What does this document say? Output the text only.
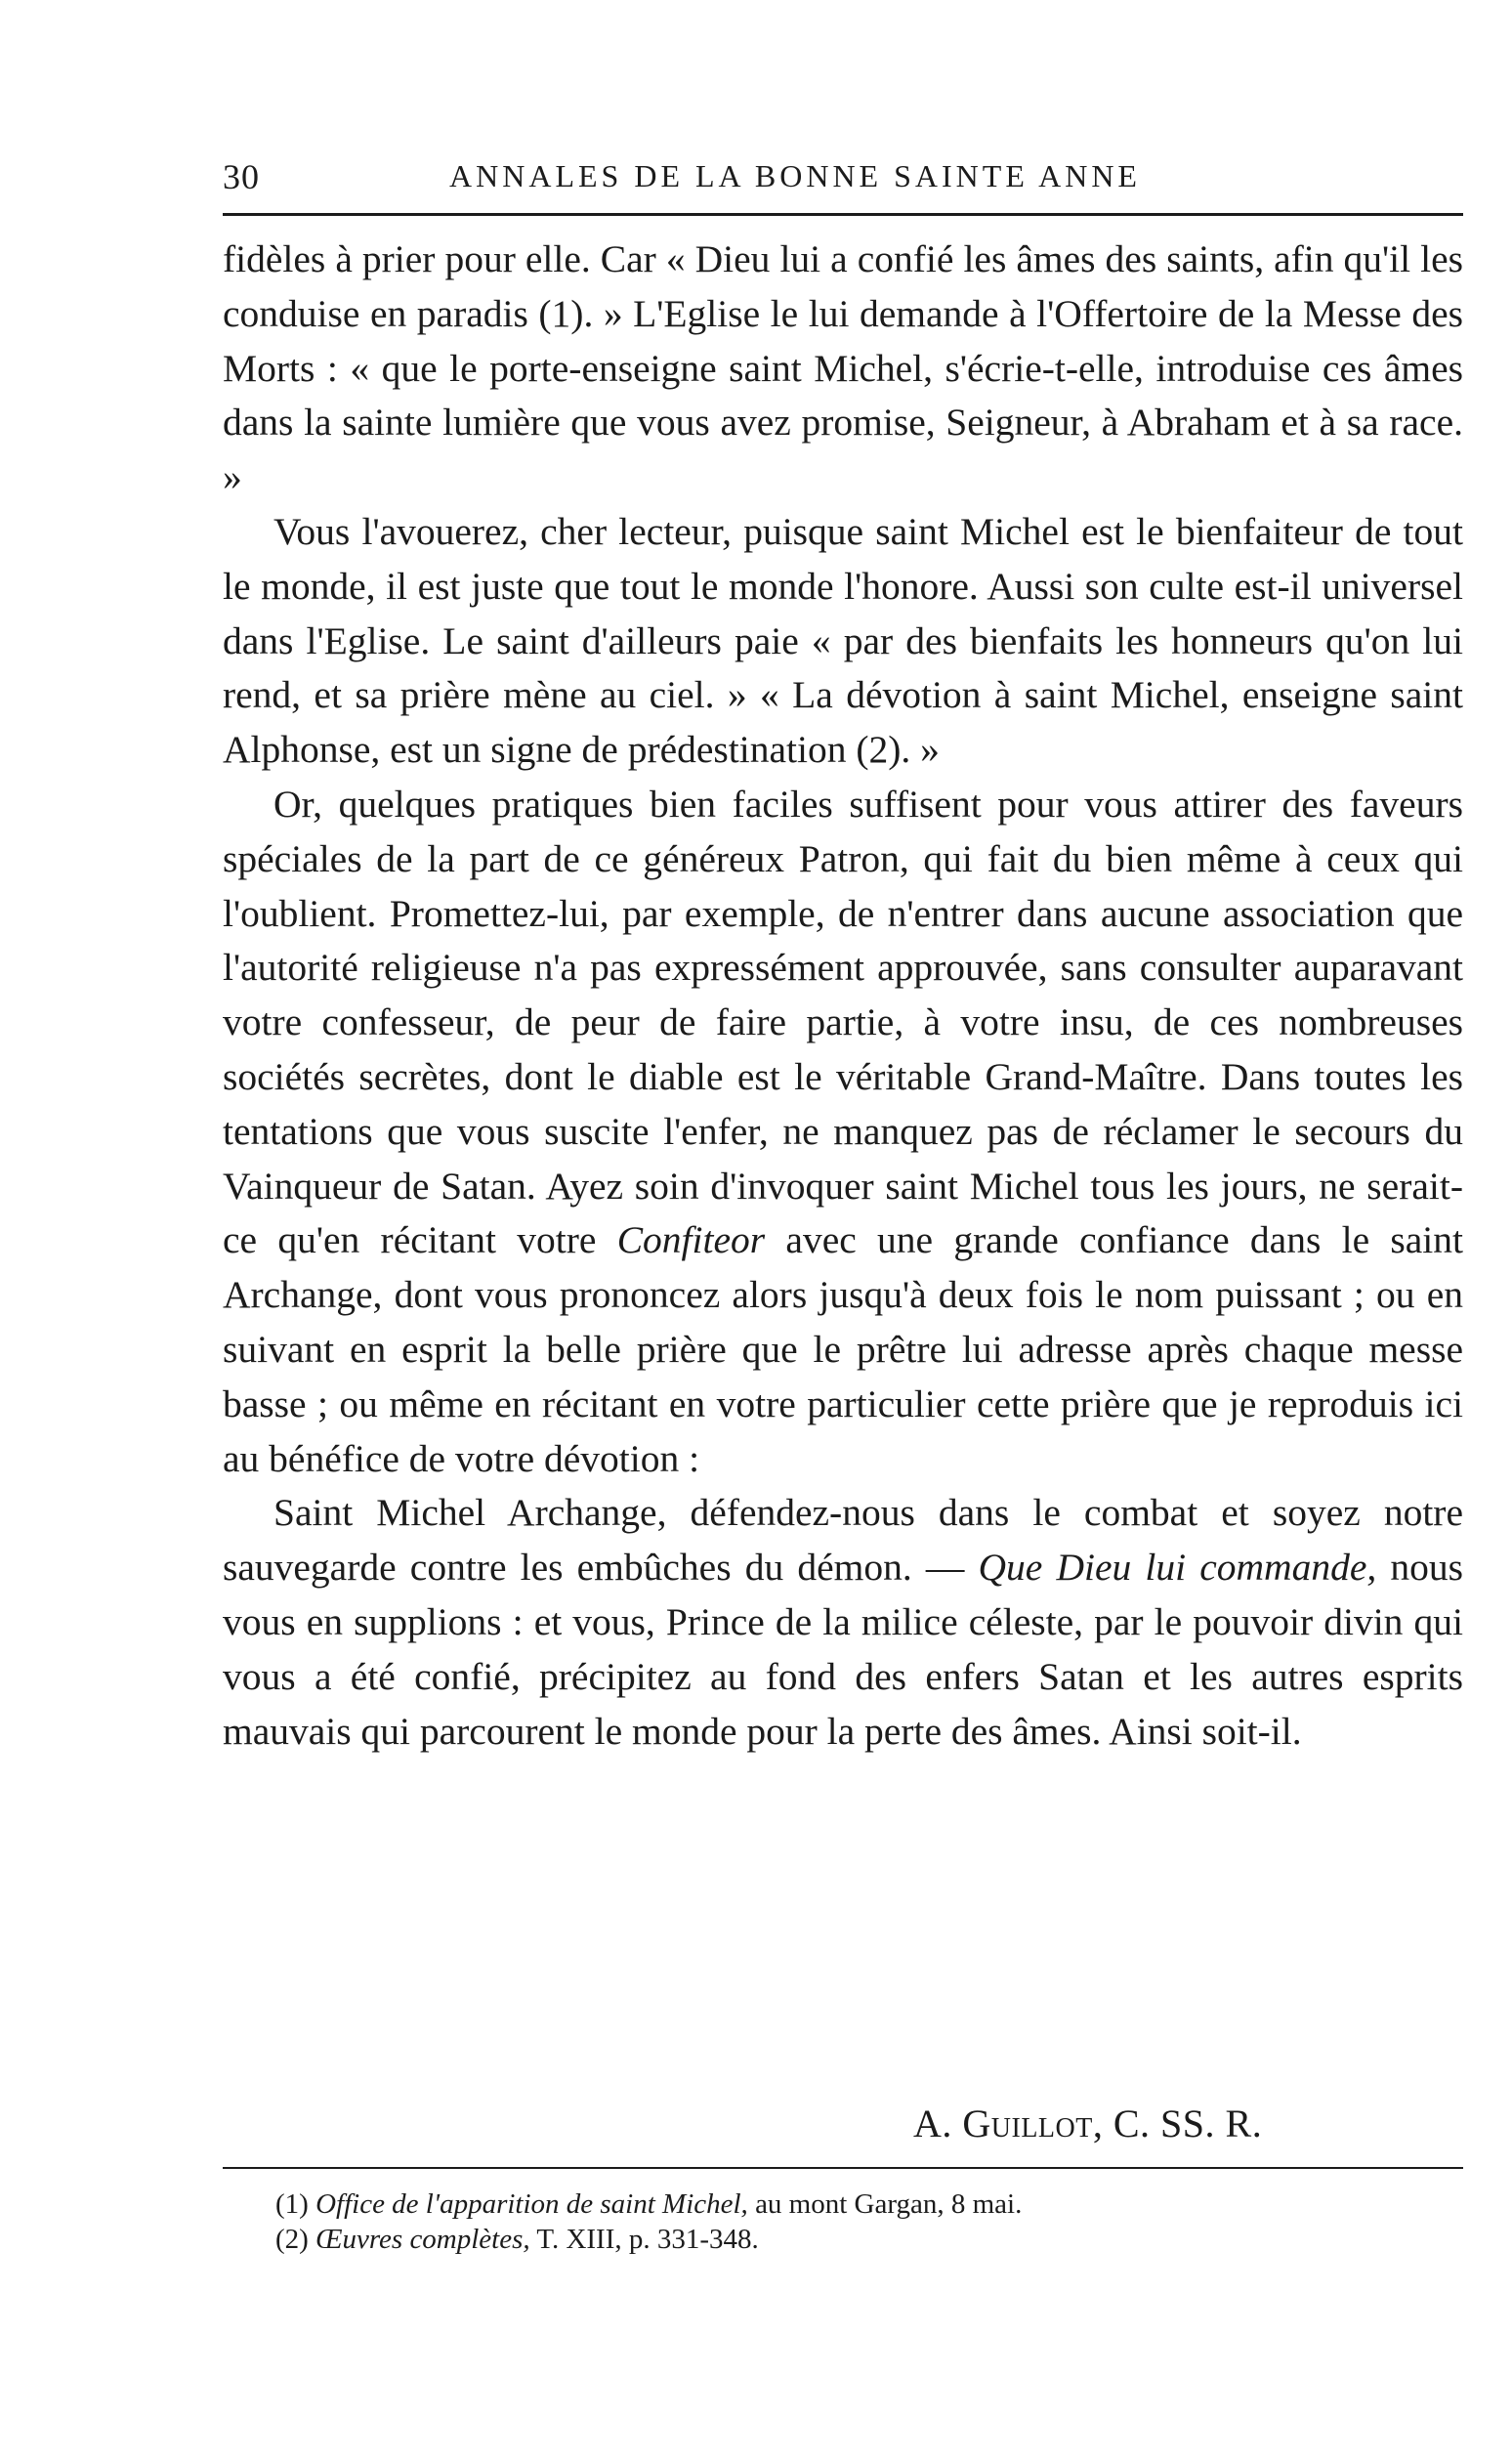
30	ANNALES DE LA BONNE SAINTE ANNE

fidèles à prier pour elle. Car « Dieu lui a confié les âmes des saints, afin qu'il les conduise en paradis (1). » L'Eglise le lui demande à l'Offertoire de la Messe des Morts : « que le porte-enseigne saint Michel, s'écrie-t-elle, introduise ces âmes dans la sainte lumière que vous avez promise, Seigneur, à Abraham et à sa race. »

Vous l'avouerez, cher lecteur, puisque saint Michel est le bienfaiteur de tout le monde, il est juste que tout le monde l'honore. Aussi son culte est-il universel dans l'Eglise. Le saint d'ailleurs paie « par des bienfaits les honneurs qu'on lui rend, et sa prière mène au ciel. » « La dévotion à saint Michel, enseigne saint Alphonse, est un signe de prédestination (2). »

Or, quelques pratiques bien faciles suffisent pour vous attirer des faveurs spéciales de la part de ce généreux Patron, qui fait du bien même à ceux qui l'oublient. Promettez-lui, par exemple, de n'entrer dans aucune association que l'autorité religieuse n'a pas expressément approuvée, sans consulter auparavant votre confesseur, de peur de faire partie, à votre insu, de ces nombreuses sociétés secrètes, dont le diable est le véritable Grand-Maître. Dans toutes les tentations que vous suscite l'enfer, ne manquez pas de réclamer le secours du Vainqueur de Satan. Ayez soin d'invoquer saint Michel tous les jours, ne serait-ce qu'en récitant votre Confiteor avec une grande confiance dans le saint Archange, dont vous prononcez alors jusqu'à deux fois le nom puissant ; ou en suivant en esprit la belle prière que le prêtre lui adresse après chaque messe basse ; ou même en récitant en votre particulier cette prière que je reproduis ici au bénéfice de votre dévotion :

Saint Michel Archange, défendez-nous dans le combat et soyez notre sauvegarde contre les embûches du démon. — Que Dieu lui commande, nous vous en supplions : et vous, Prince de la milice céleste, par le pouvoir divin qui vous a été confié, précipitez au fond des enfers Satan et les autres esprits mauvais qui parcourent le monde pour la perte des âmes. Ainsi soit-il.

A. Guillot, C. SS. R.

(1) Office de l'apparition de saint Michel, au mont Gargan, 8 mai.

(2) Œuvres complètes, T. XIII, p. 331-348.
